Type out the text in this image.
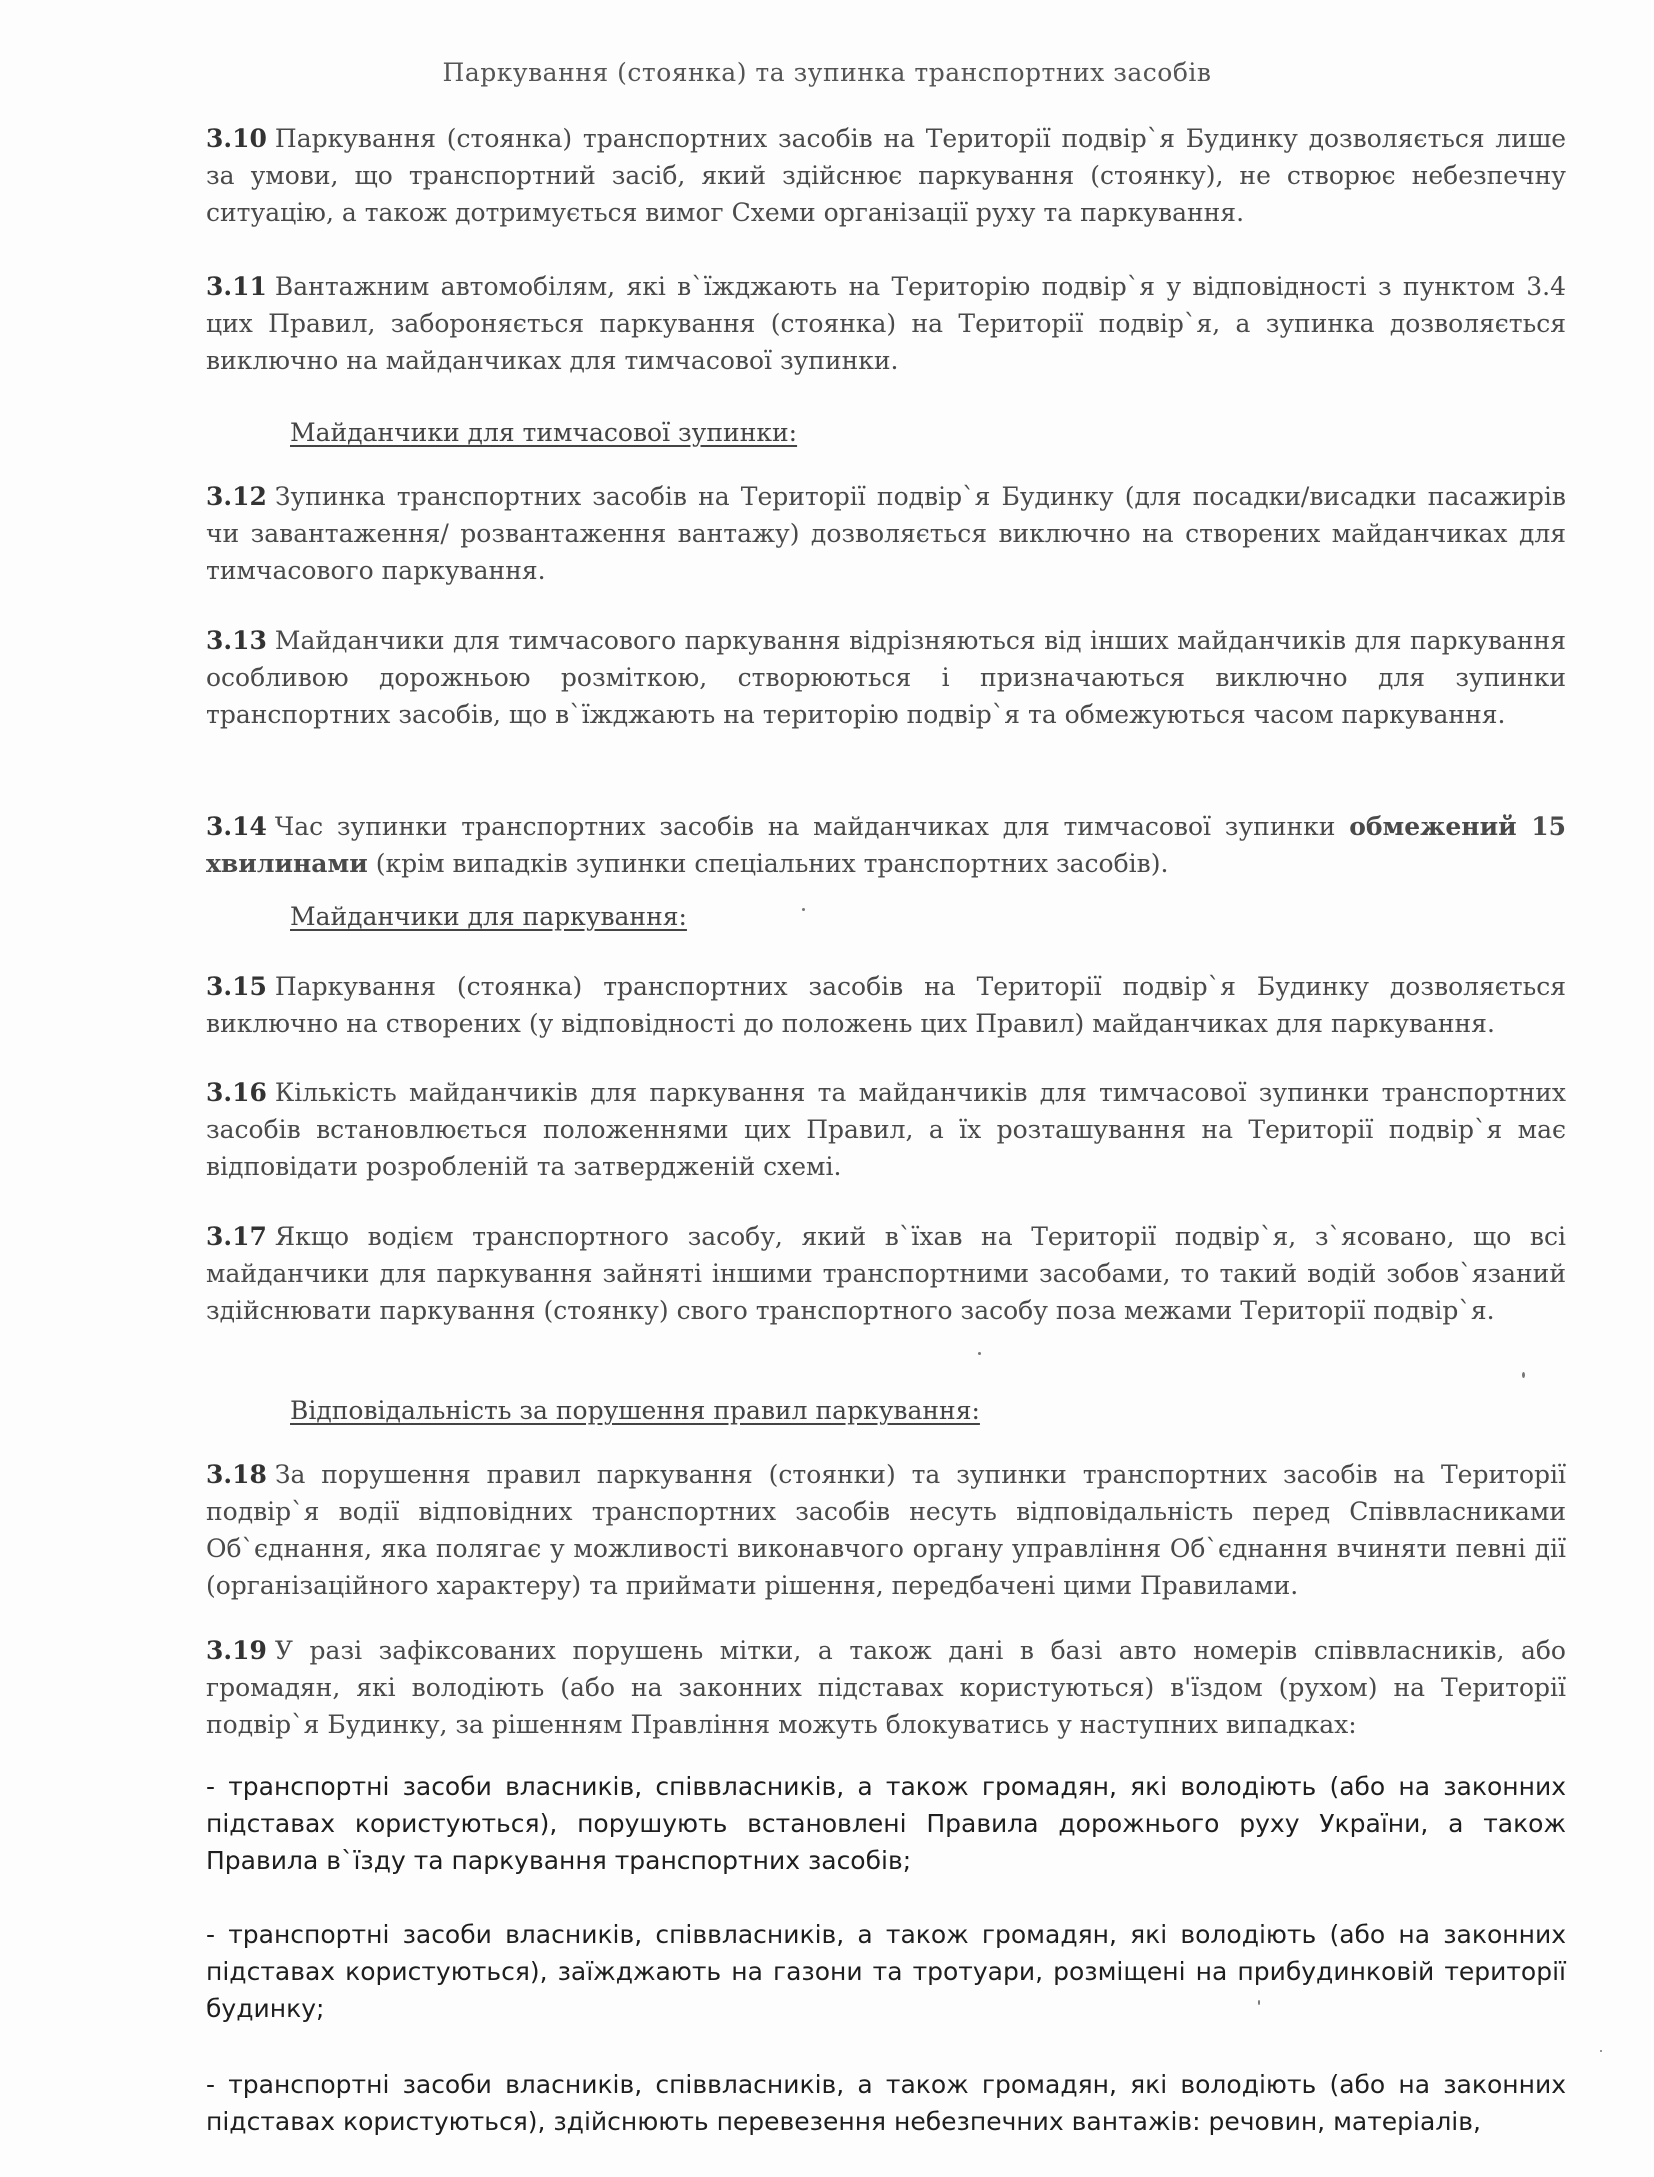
Паркування (стоянка) та зупинка транспортних засобів
3.10 Паркування (стоянка) транспортних засобів на Території подвір`я Будинку дозволяється лише за умови, що транспортний засіб, який здійснює паркування (стоянку), не створює небезпечну ситуацію, а також дотримується вимог Схеми організації руху та паркування.
3.11 Вантажним автомобілям, які в`їжджають на Територію подвір`я у відповідності з пунктом 3.4 цих Правил, забороняється паркування (стоянка) на Території подвір`я, а зупинка дозволяється виключно на майданчиках для тимчасової зупинки.
Майданчики для тимчасової зупинки:
3.12 Зупинка транспортних засобів на Території подвір`я Будинку (для посадки/висадки пасажирів чи завантаження/ розвантаження вантажу) дозволяється виключно на створених майданчиках для тимчасового паркування.
3.13 Майданчики для тимчасового паркування відрізняються від інших майданчиків для паркування особливою дорожньою розміткою, створюються і призначаються виключно для зупинки транспортних засобів, що в`їжджають на територію подвір`я та обмежуються часом паркування.
3.14 Час зупинки транспортних засобів на майданчиках для тимчасової зупинки обмежений 15 хвилинами (крім випадків зупинки спеціальних транспортних засобів).
Майданчики для паркування:
3.15 Паркування (стоянка) транспортних засобів на Території подвір`я Будинку дозволяється виключно на створених (у відповідності до положень цих Правил) майданчиках для паркування.
3.16 Кількість майданчиків для паркування та майданчиків для тимчасової зупинки транспортних засобів встановлюється положеннями цих Правил, а їх розташування на Території подвір`я має відповідати розробленій та затвердженій схемі.
3.17 Якщо водієм транспортного засобу, який в`їхав на Території подвір`я, з`ясовано, що всі майданчики для паркування зайняті іншими транспортними засобами, то такий водій зобов`язаний здійснювати паркування (стоянку) свого транспортного засобу поза межами Території подвір`я.
Відповідальність за порушення правил паркування:
3.18 За порушення правил паркування (стоянки) та зупинки транспортних засобів на Території подвір`я водії відповідних транспортних засобів несуть відповідальність перед Співвласниками Об`єднання, яка полягає у можливості виконавчого органу управління Об`єднання вчиняти певні дії (організаційного характеру) та приймати рішення, передбачені цими Правилами.
3.19 У разі зафіксованих порушень мітки, а також дані в базі авто номерів співвласників, або громадян, які володіють (або на законних підставах користуються) в'їздом (рухом) на Території подвір`я Будинку, за рішенням Правління можуть блокуватись у наступних випадках:
- транспортні засоби власників, співвласників, а також громадян, які володіють (або на законних підставах користуються), порушують встановлені Правила дорожнього руху України, а також Правила в`їзду та паркування транспортних засобів;
- транспортні засоби власників, співвласників, а також громадян, які володіють (або на законних підставах користуються), заїжджають на газони та тротуари, розміщені на прибудинковій території будинку;
- транспортні засоби власників, співвласників, а також громадян, які володіють (або на законних підставах користуються), здійснюють перевезення небезпечних вантажів: речовин, матеріалів,
